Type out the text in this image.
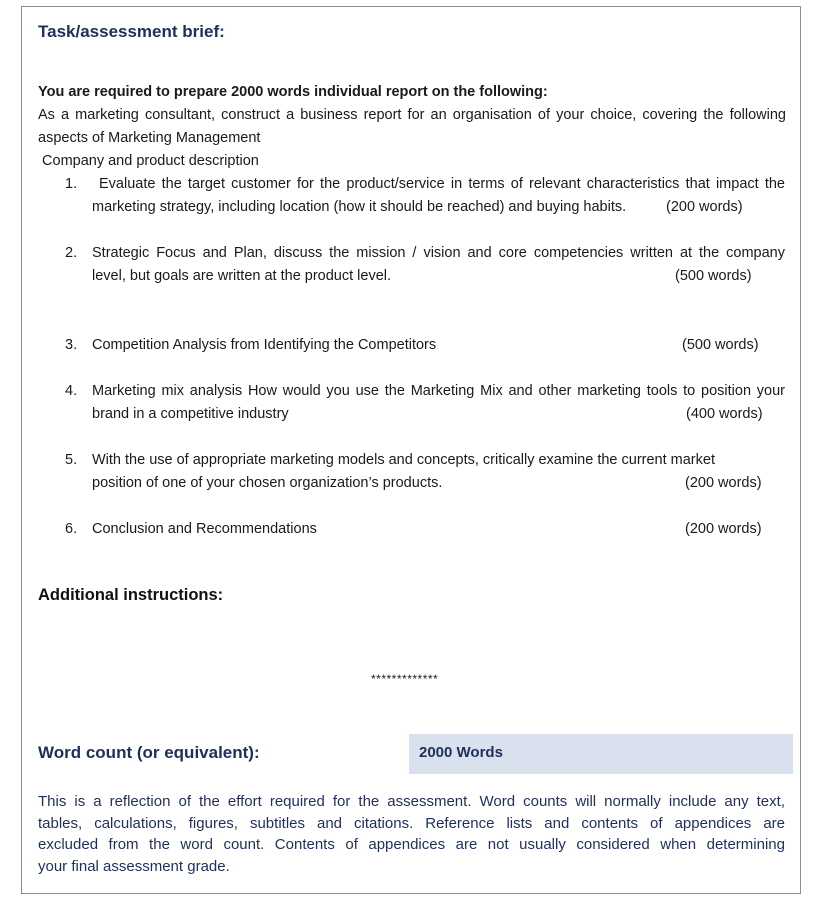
Task/assessment brief:
You are required to prepare 2000 words individual report on the following:
As a marketing consultant, construct a business report for an organisation of your choice, covering the following
aspects of Marketing Management
Company and product description
1. Evaluate the target customer for the product/service in terms of relevant characteristics that impact the
marketing strategy, including location (how it should be reached) and buying habits.	(200 words)
2. Strategic Focus and Plan, discuss the mission / vision and core competencies written at the company
level, but goals are written at the product level.	(500 words)
3. Competition Analysis from Identifying the Competitors	(500 words)
4. Marketing mix analysis How would you use the Marketing Mix and other marketing tools to position your
brand in a competitive industry	(400 words)
5. With the use of appropriate marketing models and concepts, critically examine the current market
position of one of your chosen organization’s products.	(200 words)
6. Conclusion and Recommendations	(200 words)
Additional instructions:
*************
Word count (or equivalent):	2000 Words
This is a reflection of the effort required for the assessment. Word counts will normally include any text,
tables, calculations, figures, subtitles and citations. Reference lists and contents of appendices are
excluded from the word count. Contents of appendices are not usually considered when determining
your final assessment grade.
